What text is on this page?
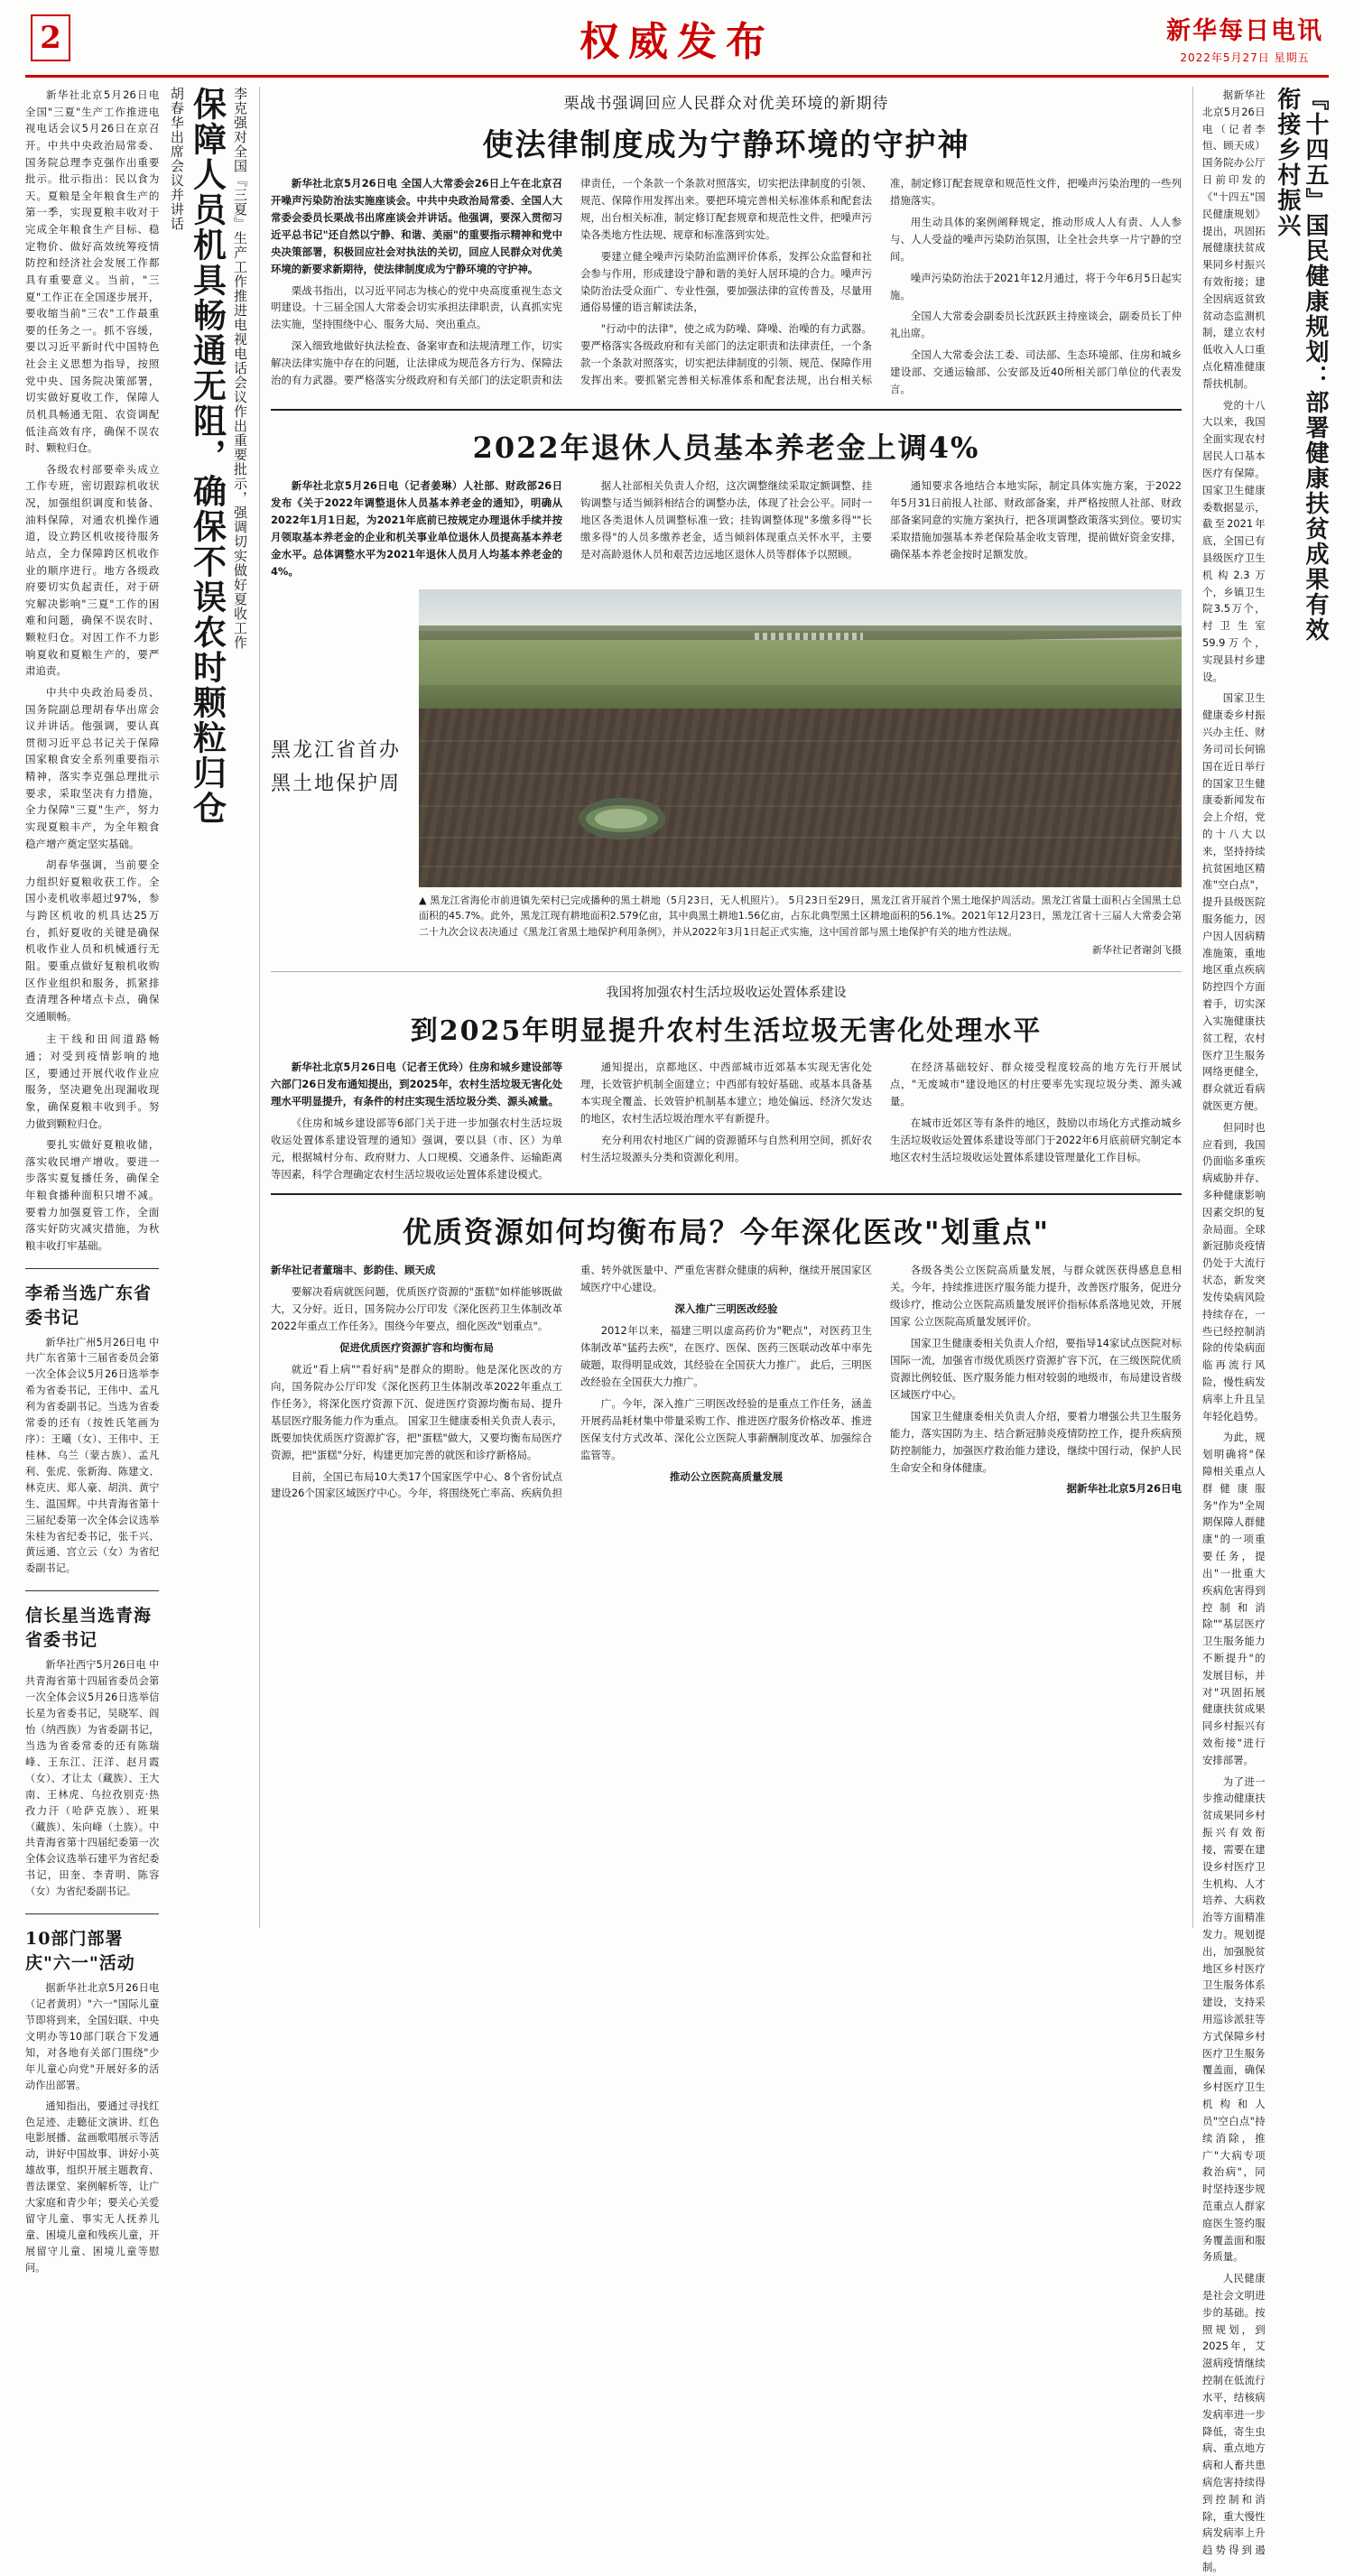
2	权威发布	新华每日电讯
2022年5月27日 星期五
李克强对全国『三夏』生产工作推进电视电话会议作出重要批示，强调切实做好夏收工作
保障人员机具畅通无阻，确保不误农时颗粒归仓
胡春华出席会议并讲话

新华社北京5月26日电 全国"三夏"生产工作推进电视电话会议5月26日在京召开。中共中央政治局常委、国务院总理李克强作出重要批示。批示指出：民以食为天。夏粮是全年粮食生产的第一季，实现夏粮丰收对于完成全年粮食生产目标、稳定物价、做好高效统筹疫情防控和经济社会发展工作都具有重要意义。当前，"三夏"工作正在全国逐步展开，要收缩当前"三农"工作最重要的任务之一。抓不容缓，要以习近平新时代中国特色社会主义思想为指导，按照党中央、国务院决策部署，切实做好夏收工作，保障人员机具畅通无阻、农资调配低洼高效有序，确保不误农时、颗粒归仓。

各级农村部要牵头成立工作专班，密切跟踪机收状况，加强组织调度和装备、油料保障，对通农机操作通道，设立跨区机收接待服务站点，全力保障跨区机收作业的顺序进行。地方各级政府要切实负起责任，对于研究解决影响"三夏"工作的困难和问题，确保不误农时、颗粒归仓。对因工作不力影响夏收和夏粮生产的，要严肃追责。

中共中央政治局委员、国务院副总理胡春华出席会议并讲话。他强调，要认真贯彻习近平总书记关于保障国家粮食安全系列重要指示精神，落实李克强总理批示要求，采取坚决有力措施，全力保障"三夏"生产，努力实现夏粮丰产，为全年粮食稳产增产奠定坚实基础。

胡春华强调，当前要全力组织好夏粮收获工作。全国小麦机收率超过97%，参与跨区机收的机具达25万台，抓好夏收的关键是确保机收作业人员和机械通行无阻。要重点做好复粮机收购区作业组织和服务，抓紧排查清理各种堵点卡点，确保交通顺畅。

主干线和田间道路畅通；对受到疫情影响的地区，要通过开展代收作业应服务，坚决避免出现漏收现象，确保夏粮丰收到手。努力做到颗粒归仓。

要扎实做好夏粮收储，落实收民增产增收。要进一步落实夏复播任务，确保全年粮食播种面积只增不减。要着力加强夏管工作，全面落实好防灾减灾措施，为秋粮丰收打牢基础。

李希当选广东省委书记

新华社广州5月26日电 中共广东省第十三届省委员会第一次全体会议5月26日选举李希为省委书记，王伟中、孟凡利为省委副书记。当选为省委常委的还有（按姓氏笔画为序）：王曦（女）、王伟中、王桂林、乌兰（蒙古族）、孟凡利、张虎、张新海、陈建文、林克庆、郑人豪、胡洪、黄宁生、温国辉。中共青海省第十三届纪委第一次全体会议选举朱桂为省纪委书记，张千兴、黄远通、宫立云（女）为省纪委副书记。

信长星当选青海省委书记

新华社西宁5月26日电 中共青海省第十四届省委员会第一次全体会议5月26日选举信长星为省委书记，吴晓军、阎怡（纳西族）为省委副书记，当选为省委常委的还有陈瑞峰、王东江、汪洋、赵月霞（女）、才让太（藏族）、王大南、王林虎、乌拉孜别克·热孜力汗（哈萨克族）、班果（藏族）、朱向峰（土族）。中共青海省第十四届纪委第一次全体会议选举石建平为省纪委书记，田奎、李青明、陈容（女）为省纪委副书记。

10部门部署庆"六一"活动

据新华社北京5月26日电（记者黄玥）"六一"国际儿童节即将到来，全国妇联、中央文明办等10部门联合下发通知，对各地有关部门围绕"少年儿童心向党"开展好多的活动作出部署。

通知指出，要通过寻找红色足迹、走聽征文演讲、红色电影展播、盆画歌唱展示等活动，讲好中国故事、讲好小英雄故事，组织开展主题教育、普法课堂、案例解析等，让广大家庭和青少年；要关心关爱留守儿童、事实无人抚养儿童、困境儿童和残疾儿童，开展留守儿童、困境儿童等慰问。

栗战书强调回应人民群众对优美环境的新期待
使法律制度成为宁静环境的守护神

新华社北京5月26日电 全国人大常委会26日上午在北京召开噪声污染防治法实施座谈会。中共中央政治局常委、全国人大常委会委员长栗战书出席座谈会并讲话。他强调，要深入贯彻习近平总书记"还自然以宁静、和谐、美丽"的重要指示精神和党中央决策部署，积极回应社会对执法的关切，回应人民群众对优美环境的新要求新期待，使法律制度成为宁静环境的守护神。

栗战书指出，以习近平同志为核心的党中央高度重视生态文明建设。十三届全国人大常委会切实承担法律职责，认真抓实宪法实施，坚持围绕中心、服务大局、突出重点。

深入细致地做好执法检查、备案审查和法规清理工作，切实解决法律实施中存在的问题，让法律成为规范各方行为、保障法治的有力武器。要严格落实分级政府和有关部门的法定职责和法律责任，一个条款一个条款对照落实，切实把法律制度的引领、规范、保障作用发挥出来。要把环境完善相关标准体系和配套法规，出台相关标准，制定修订配套规章和规范性文件，把噪声污染各类地方性法规、规章和标准落到实处。

要建立健全噪声污染防治监测评价体系，发挥公众监督和社会参与作用，形成建设宁静和谐的美好人居环境的合力。噪声污染防治法受众面广、专业性强，要加强法律的宣传普及，尽量用通俗易懂的语言解读法条，

"行动中的法律"，使之成为防噪、降噪、治噪的有力武器。要严格落实各级政府和有关部门的法定职责和法律责任，一个条款一个条款对照落实，切实把法律制度的引领、规范、保障作用发挥出来。要抓紧完善相关标准体系和配套法规，出台相关标准，制定修订配套规章和规范性文件，把噪声污染治理的一些列措施落实。

用生动具体的案例阐释规定，推动形成人人有责、人人参与、人人受益的噪声污染防治氛围，让全社会共享一片宁静的空间。

噪声污染防治法于2021年12月通过，将于今年6月5日起实施。

全国人大常委会副委员长沈跃跃主持座谈会，副委员长丁仲礼出席。

全国人大常委会法工委、司法部、生态环境部、住房和城乡建设部、交通运输部、公安部及近40所相关部门单位的代表发言。

2022年退休人员基本养老金上调4%

新华社北京5月26日电（记者姜琳）人社部、财政部26日发布《关于2022年调整退休人员基本养老金的通知》，明确从2022年1月1日起，为2021年底前已按规定办理退休手续并按月领取基本养老金的企业和机关事业单位退休人员提高基本养老金水平。总体调整水平为2021年退休人员月人均基本养老金的4%。

据人社部相关负责人介绍，这次调整继续采取定额调整、挂钩调整与适当倾斜相结合的调整办法，体现了社会公平。同时一地区各类退休人员调整标准一致；挂钩调整体现"多缴多得""长缴多得"的人员多缴养老金，适当倾斜体现重点关怀水平，主要是对高龄退休人员和艰苦边远地区退休人员等群体予以照顾。

通知要求各地结合本地实际，制定具体实施方案，于2022年5月31日前报人社部、财政部备案，并严格按照人社部、财政部备案同意的实施方案执行，把各项调整政策落实到位。要切实采取措施加强基本养老保险基金收支管理，提前做好资金安排，确保基本养老金按时足额发放。

黑龙江省首办 黑土地保护周
▲ 黑龙江省海伦市前进镇先荣村已完成播种的黑土耕地（5月23日，无人机照片）。 5月23日至29日，黑龙江省开展首个黑土地保护周活动。黑龙江省量土面积占全国黑土总面积的45.7%。此外，黑龙江现有耕地面积2.579亿亩，其中典黑土耕地1.56亿亩，占东北典型黑土区耕地面积的56.1%。2021年12月23日，黑龙江省十三届人大常委会第二十九次会议表决通过《黑龙江省黑土地保护利用条例》，并从2022年3月1日起正式实施，这中国首部与黑土地保护有关的地方性法规。
新华社记者谢剑飞摄
我国将加强农村生活垃圾收运处置体系建设
到2025年明显提升农村生活垃圾无害化处理水平

新华社北京5月26日电（记者王优玲）住房和城乡建设部等六部门26日发布通知提出，到2025年，农村生活垃圾无害化处理水平明显提升，有条件的村庄实现生活垃圾分类、源头减量。

《住房和城乡建设部等6部门关于进一步加强农村生活垃圾收运处置体系建设管理的通知》强调，要以县（市、区）为单元，根据城村分布、政府财力、人口规模、交通条件、运输距离等因素，科学合理确定农村生活垃圾收运处置体系建设模式。

通知提出，京都地区、中西部城市近郊基本实现无害化处理，长效管护机制全面建立；中西部有较好基础、或基本具备基本实现全覆盖、长效管护机制基本建立；地处偏远、经济欠发达的地区，农村生活垃圾治理水平有新提升。

充分利用农村地区广阔的资源循环与自然利用空间，抓好农村生活垃圾源头分类和资源化利用。

在经济基础较好、群众接受程度较高的地方先行开展试点，"无废城市"建设地区的村庄要率先实现垃圾分类、源头减量。

在城市近郊区等有条件的地区，鼓励以市场化方式推动城乡生活垃圾收运处置体系建设等部门于2022年6月底前研究制定本地区农村生活垃圾收运处置体系建设管理量化工作目标。

优质资源如何均衡布局？今年深化医改"划重点"

新华社记者董瑞丰、彭韵佳、顾天成

要解决看病就医问题，优质医疗资源的"蛋糕"如样能够既做大，又分好。近日，国务院办公厅印发《深化医药卫生体制改革2022年重点工作任务》。围绕今年要点，细化医改"划重点"。

促进优质医疗资源扩容和均衡布局

就近"看上病""看好病"是群众的期盼。他是深化医改的方向，国务院办公厅印发《深化医药卫生体制改革2022年重点工作任务》，将深化医疗资源下沉、促进医疗资源均衡布局、提升基层医疗服务能力作为重点。 国家卫生健康委相关负责人表示，既要加快优质医疗资源扩容，把"蛋糕"做大，又要均衡布局医疗资源，把"蛋糕"分好，构建更加完善的就医和诊疗新格局。

目前，全国已布局10大类17个国家医学中心、8个省份试点建设26个国家区域医疗中心。今年，将围绕死亡率高、疾病负担重、转外就医量中、严重危害群众健康的病种，继续开展国家区域医疗中心建设。

深入推广三明医改经验

2012年以来，福建三明以虚高药价为"靶点"，对医药卫生体制改革"猛药去疾"，在医疗、医保、医药三医联动改革中率先破题，取得明显成效，其经验在全国获大力推广。 此后，三明医改经验在全国获大力推广。

广。今年，深入推广三明医改经验的是重点工作任务，涵盖开展药品耗材集中带量采购工作、推进医疗服务价格改革、推进医保支付方式改革、深化公立医院人事薪酬制度改革、加强综合监管等。

推动公立医院高质量发展

各级各类公立医院高质量发展，与群众就医获得感息息相关。今年，持续推进医疗服务能力提升，改善医疗服务，促进分级诊疗，推动公立医院高质量发展评价指标体系落地见效，开展国家 公立医院高质量发展评价。

国家卫生健康委相关负责人介绍，要指导14家试点医院对标国际一流，加强省市级优质医疗资源扩容下沉，在三级医院优质资源比例较低、医疗服务能力相对较弱的地级市，布局建设省级区域医疗中心。

国家卫生健康委相关负责人介绍，要着力增强公共卫生服务能力，落实国防为主、结合新冠肺炎疫情防控工作，提升疾病预防控制能力，加强医疗救治能力建设，继续中国行动，保护人民生命安全和身体健康。

据新华社北京5月26日电

『十四五』国民健康规划：部署健康扶贫成果有效衔接乡村振兴

据新华社北京5月26日电（记者李恒、顾天成） 国务院办公厅日前印发的《"十四五"国民健康规划》提出，巩固拓展健康扶贫成果同乡村振兴有效衔接；建全因病返贫致贫动态监测机制，建立农村低收入人口重点化精准健康帮扶机制。

党的十八大以来，我国全面实现农村居民人口基本医疗有保障。国家卫生健康委数据显示，截至2021年底，全国已有县级医疗卫生机构2.3万个，乡镇卫生院3.5万个，村卫生室59.9万个，实现县村乡建设。

国家卫生健康委乡村振兴办主任、财务司司长何锦国在近日举行的国家卫生健康委新闻发布会上介绍，党的十八大以来，坚持持续抗贫困地区精准"空白点"，提升县级医院服务能力，因户因人因病精准施策，重地地区重点疾病防控四个方面着手，切实深入实施健康扶贫工程，农村医疗卫生服务网络更健全，群众就近看病就医更方便。

但同时也应看到，我国仍面临多重疾病威胁并存、多种健康影响因素交织的复杂局面。全球新冠肺炎疫情仍处于大流行状态，新发突发传染病风险持续存在，一些已经控制消除的传染病面临再流行风险，慢性病发病率上升且呈年轻化趋势。

为此，规划明确将"保障相关重点人群健康服务"作为"全周期保障人群健康"的一项重要任务，提出"一批重大疾病危害得到控制和消除""基层医疗卫生服务能力不断提升"的发展目标，并对"巩固拓展健康扶贫成果同乡村振兴有效衔接"进行安排部署。

为了进一步推动健康扶贫成果同乡村振兴有效衔接，需要在建设乡村医疗卫生机构、人才培养、大病救治等方面精准发力。规划提出，加强脱贫地区乡村医疗卫生服务体系建设，支持采用巡诊派驻等方式保障乡村医疗卫生服务覆盖面，确保乡村医疗卫生机构和人员"空白点"持续消除，推广"大病专项救治病"，同时坚持逐步规范重点人群家庭医生签约服务覆盖面和服务质量。

人民健康是社会文明进步的基础。按照规划，到2025年，艾滋病疫情继续控制在低流行水平，结核病发病率进一步降低，寄生虫病、重点地方病和人畜共患病危害持续得到控制和消除，重大慢性病发病率上升趋势得到遏制。
